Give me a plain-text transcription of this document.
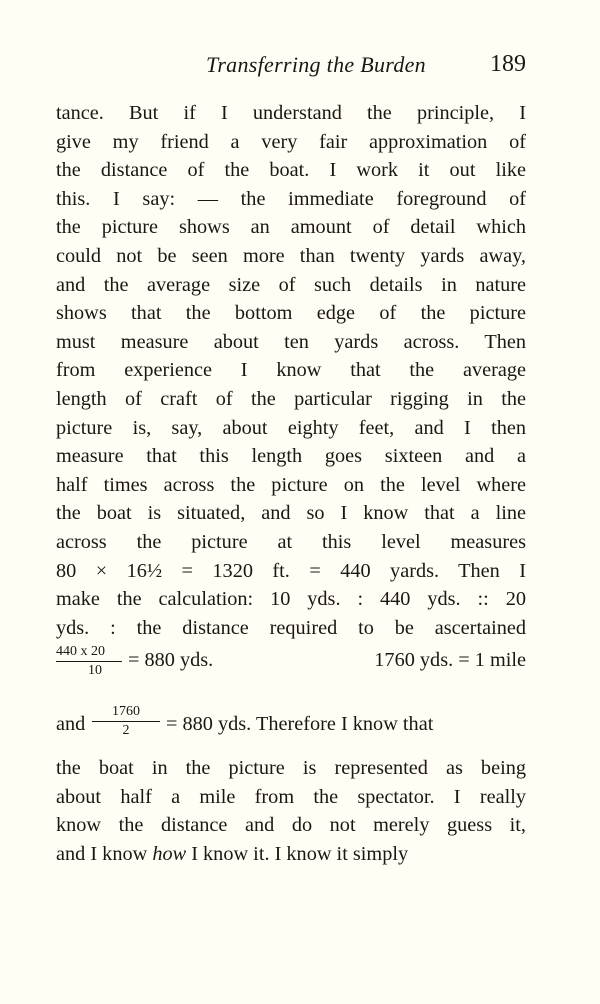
Transferring the Burden	189
tance. But if I understand the principle, I
give my friend a very fair approximation of
the distance of the boat. I work it out like
this. I say: — the immediate foreground of
the picture shows an amount of detail which
could not be seen more than twenty yards away,
and the average size of such details in nature
shows that the bottom edge of the picture
must measure about ten yards across. Then
from experience I know that the average
length of craft of the particular rigging in the
picture is, say, about eighty feet, and I then
measure that this length goes sixteen and a
half times across the picture on the level where
the boat is situated, and so I know that a line
across the picture at this level measures
80 × 16½ = 1320 ft. = 440 yards. Then I
make the calculation: 10 yds. : 440 yds. :: 20
yds. : the distance required to be ascertained
440 x 20
10	= 880 yds.	1760 yds. = 1 mile
and
1760
2	= 880 yds. Therefore I know that
the boat in the picture is represented as being
about half a mile from the spectator. I really
know the distance and do not merely guess it,
and I know how I know it. I know it simply
